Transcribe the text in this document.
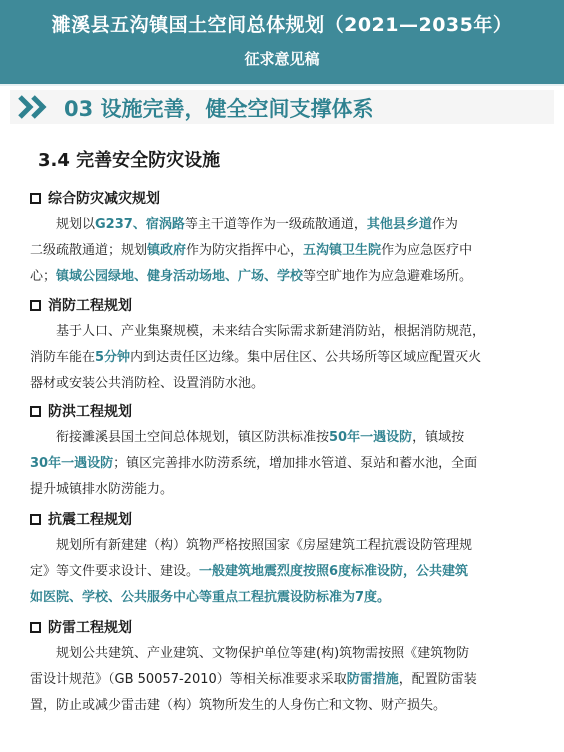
濉溪县五沟镇国土空间总体规划（2021—2035年）
征求意见稿
03 设施完善，健全空间支撑体系
3.4 完善安全防灾设施
综合防灾减灾规划
规划以G237、宿涡路等主干道等作为一级疏散通道，其他县乡道作为
二级疏散通道；规划镇政府作为防灾指挥中心，五沟镇卫生院作为应急医疗中
心；镇域公园绿地、健身活动场地、广场、学校等空旷地作为应急避难场所。
消防工程规划
基于人口、产业集聚规模，未来结合实际需求新建消防站，根据消防规范，
消防车能在5分钟内到达责任区边缘。集中居住区、公共场所等区域应配置灭火
器材或安装公共消防栓、设置消防水池。
防洪工程规划
衔接濉溪县国土空间总体规划，镇区防洪标准按50年一遇设防，镇域按
30年一遇设防；镇区完善排水防涝系统，增加排水管道、泵站和蓄水池，全面
提升城镇排水防涝能力。
抗震工程规划
规划所有新建建（构）筑物严格按照国家《房屋建筑工程抗震设防管理规
定》等文件要求设计、建设。一般建筑地震烈度按照6度标准设防，公共建筑
如医院、学校、公共服务中心等重点工程抗震设防标准为7度。
防雷工程规划
规划公共建筑、产业建筑、文物保护单位等建(构)筑物需按照《建筑物防
雷设计规范》（GB 50057-2010）等相关标准要求采取防雷措施，配置防雷装
置，防止或减少雷击建（构）筑物所发生的人身伤亡和文物、财产损失。
